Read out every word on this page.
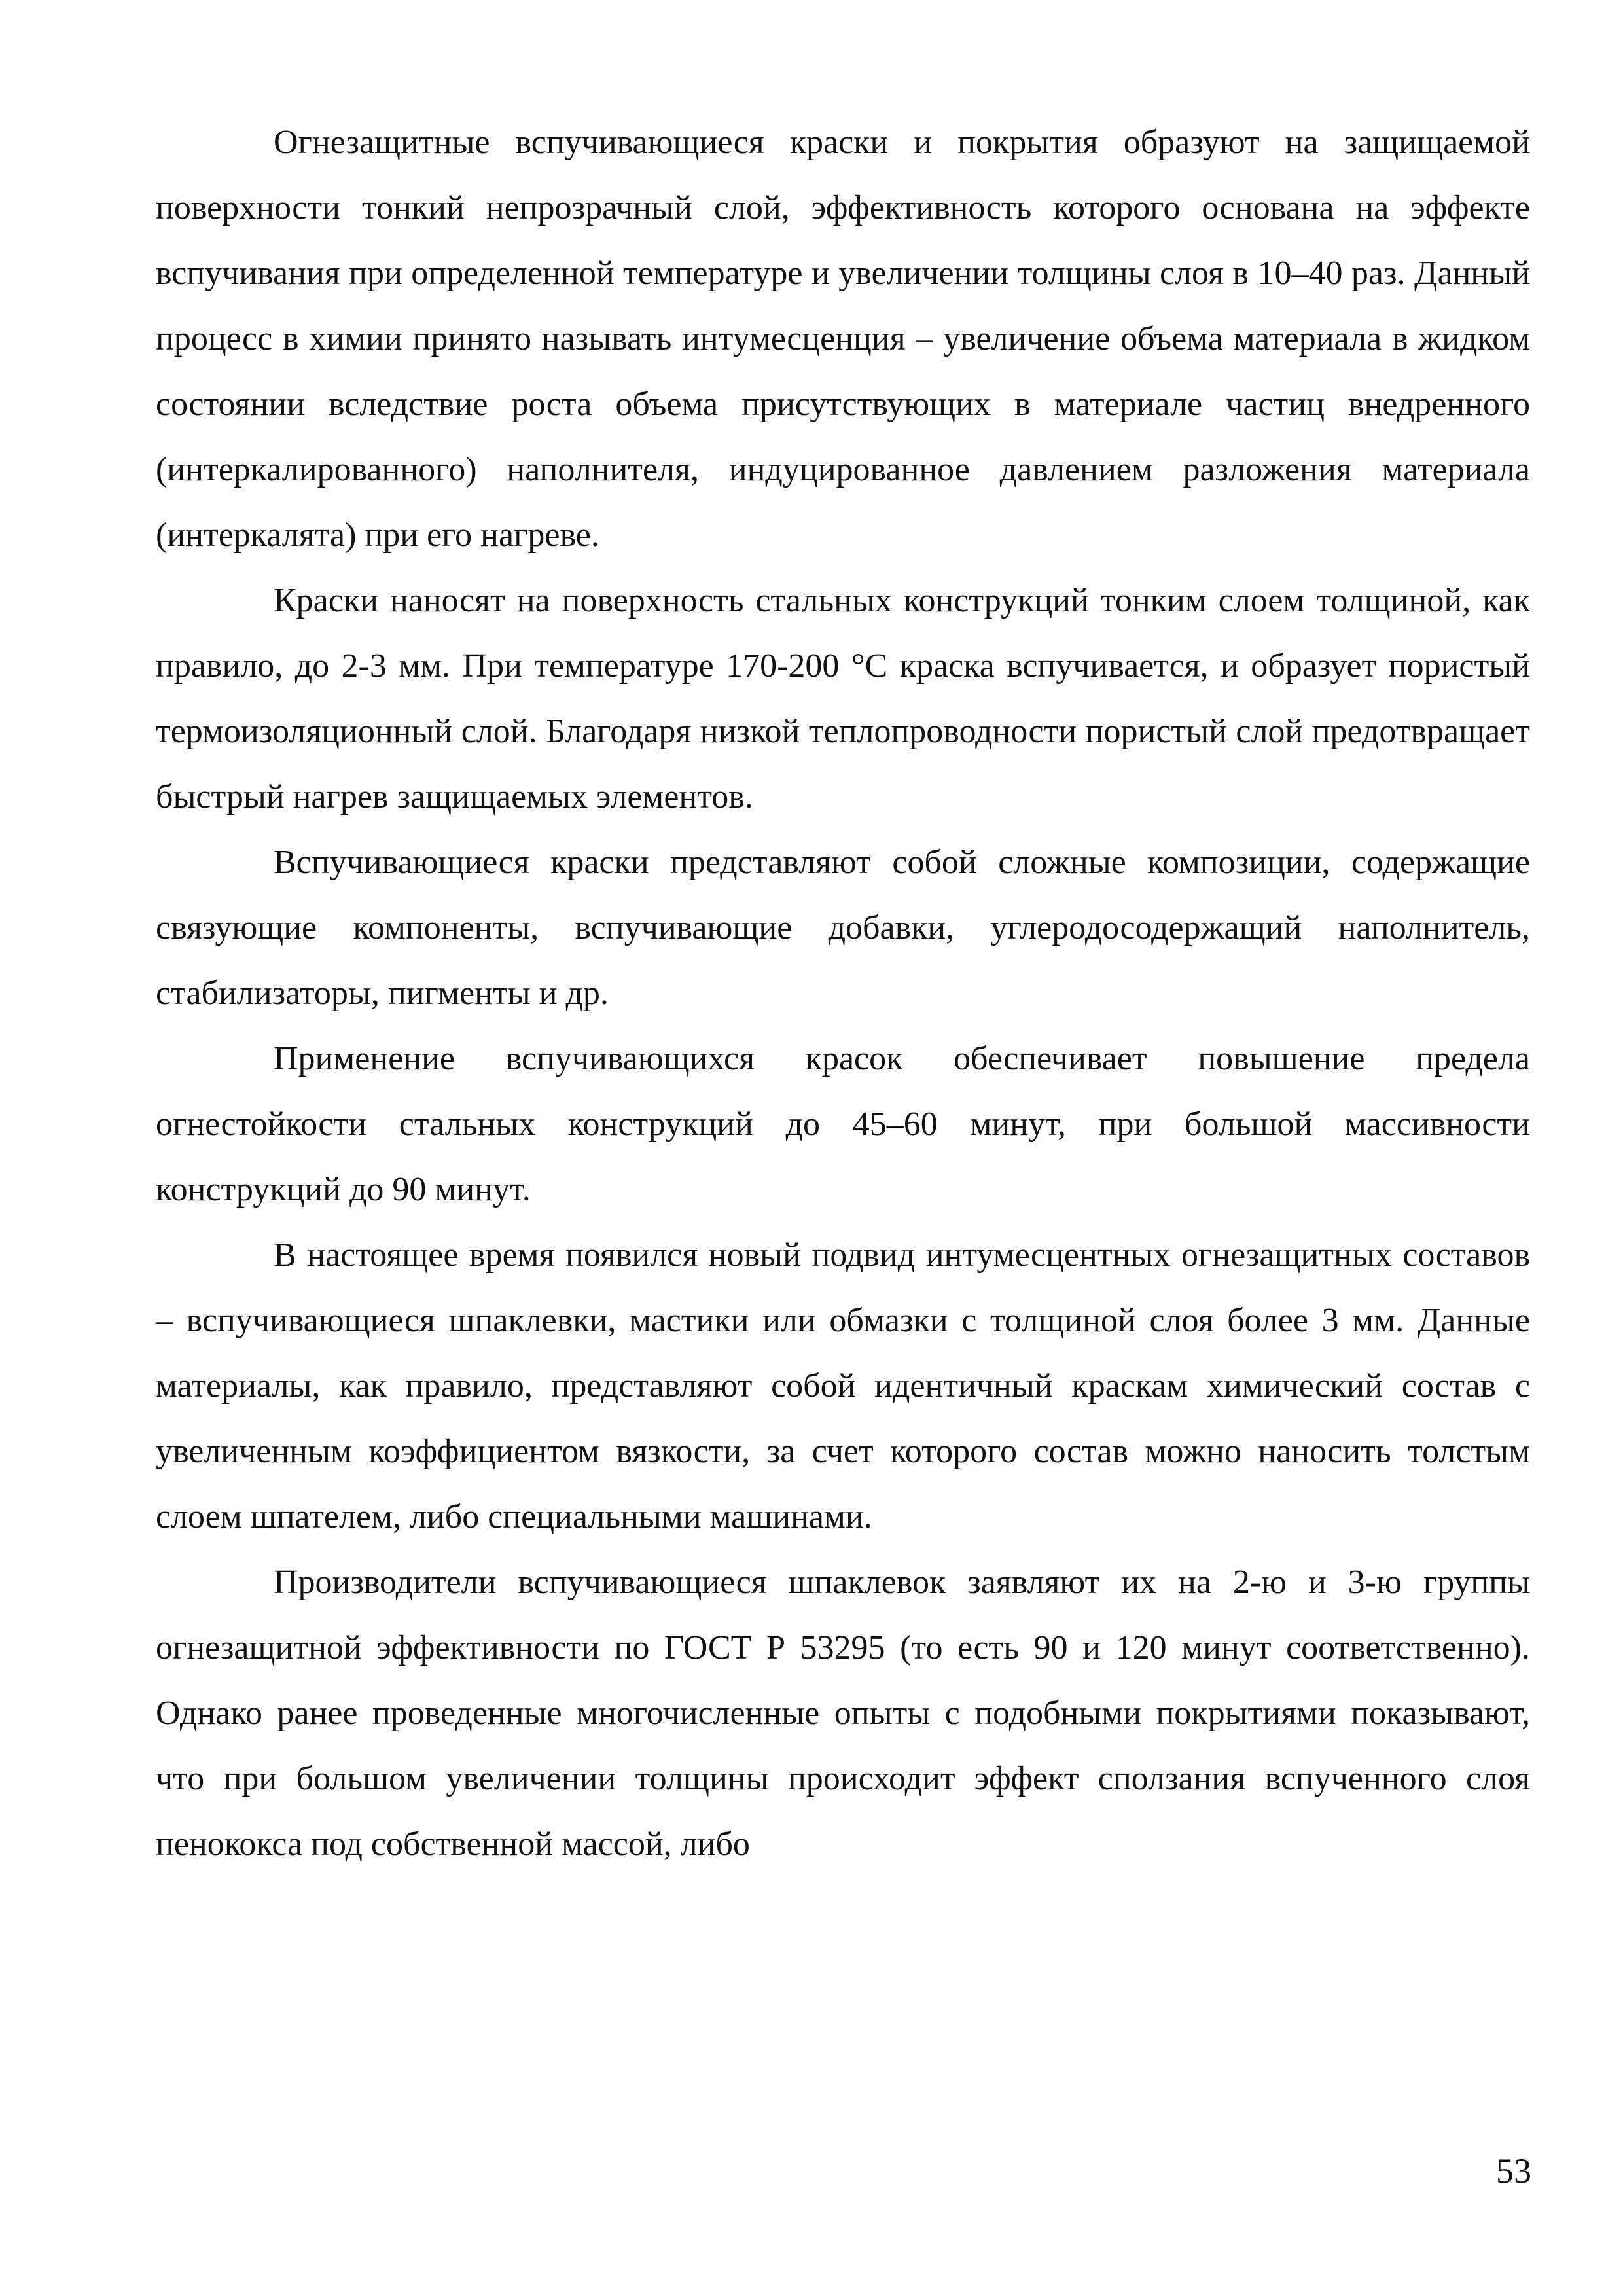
Огнезащитные вспучивающиеся краски и покрытия образуют на защищаемой поверхности тонкий непрозрачный слой, эффективность которого основана на эффекте вспучивания при определенной температуре и увеличении толщины слоя в 10–40 раз. Данный процесс в химии принято называть интумесценция – увеличение объема материала в жидком состоянии вследствие роста объема присутствующих в материале частиц внедренного (интеркалированного) наполнителя, индуцированное давлением разложения материала (интеркалята) при его нагреве.

Краски наносят на поверхность стальных конструкций тонким слоем толщиной, как правило, до 2-3 мм. При температуре 170-200 °С краска вспучивается, и образует пористый термоизоляционный слой. Благодаря низкой теплопроводности пористый слой предотвращает быстрый нагрев защищаемых элементов.

Вспучивающиеся краски представляют собой сложные композиции, содержащие связующие компоненты, вспучивающие добавки, углеродосодержащий наполнитель, стабилизаторы, пигменты и др.

Применение вспучивающихся красок обеспечивает повышение предела огнестойкости стальных конструкций до 45–60 минут, при большой массивности конструкций до 90 минут.

В настоящее время появился новый подвид интумесцентных огнезащитных составов – вспучивающиеся шпаклевки, мастики или обмазки с толщиной слоя более 3 мм. Данные материалы, как правило, представляют собой идентичный краскам химический состав с увеличенным коэффициентом вязкости, за счет которого состав можно наносить толстым слоем шпателем, либо специальными машинами.

Производители вспучивающиеся шпаклевок заявляют их на 2-ю и 3-ю группы огнезащитной эффективности по ГОСТ Р 53295 (то есть 90 и 120 минут соответственно). Однако ранее проведенные многочисленные опыты с подобными покрытиями показывают, что при большом увеличении толщины происходит эффект сползания вспученного слоя пенококса под собственной массой, либо

53
